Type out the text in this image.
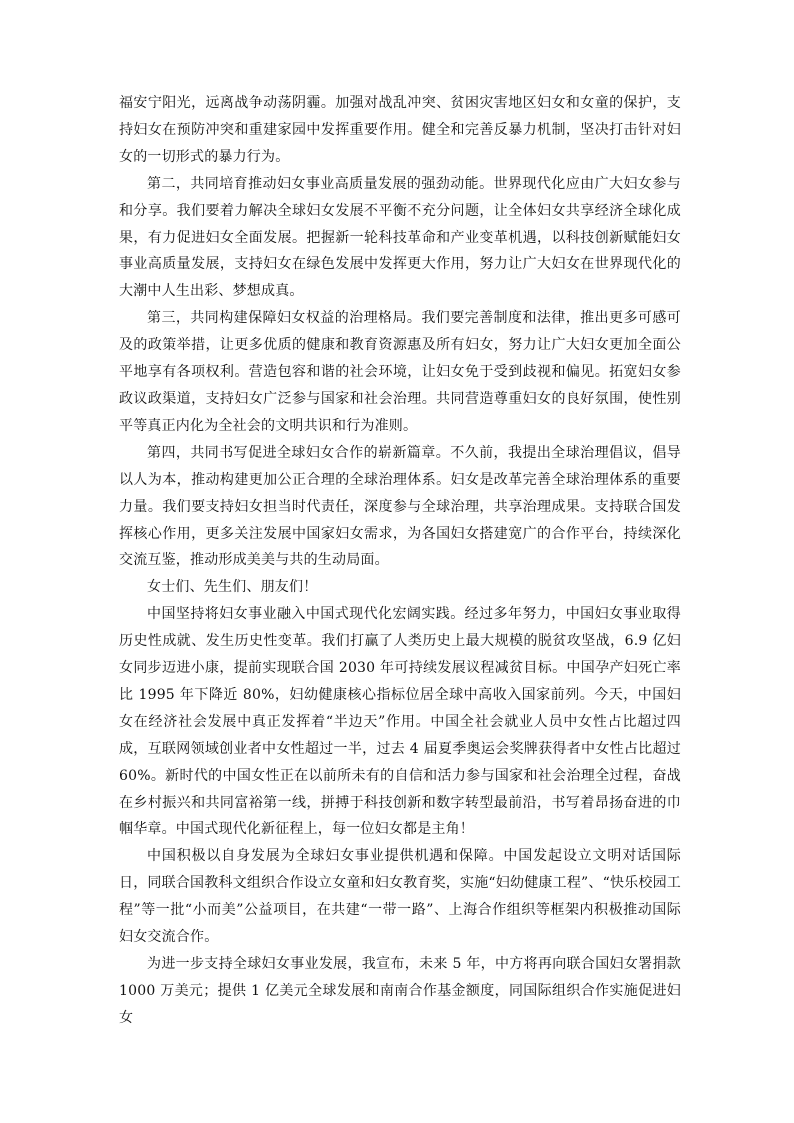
福安宁阳光，远离战争动荡阴霾。加强对战乱冲突、贫困灾害地区妇女和女童的保护，支持妇女在预防冲突和重建家园中发挥重要作用。健全和完善反暴力机制，坚决打击针对妇女的一切形式的暴力行为。

第二，共同培育推动妇女事业高质量发展的强劲动能。世界现代化应由广大妇女参与和分享。我们要着力解决全球妇女发展不平衡不充分问题，让全体妇女共享经济全球化成果，有力促进妇女全面发展。把握新一轮科技革命和产业变革机遇，以科技创新赋能妇女事业高质量发展，支持妇女在绿色发展中发挥更大作用，努力让广大妇女在世界现代化的大潮中人生出彩、梦想成真。

第三，共同构建保障妇女权益的治理格局。我们要完善制度和法律，推出更多可感可及的政策举措，让更多优质的健康和教育资源惠及所有妇女，努力让广大妇女更加全面公平地享有各项权利。营造包容和谐的社会环境，让妇女免于受到歧视和偏见。拓宽妇女参政议政渠道，支持妇女广泛参与国家和社会治理。共同营造尊重妇女的良好氛围，使性别平等真正内化为全社会的文明共识和行为准则。

第四，共同书写促进全球妇女合作的崭新篇章。不久前，我提出全球治理倡议，倡导以人为本，推动构建更加公正合理的全球治理体系。妇女是改革完善全球治理体系的重要力量。我们要支持妇女担当时代责任，深度参与全球治理，共享治理成果。支持联合国发挥核心作用，更多关注发展中国家妇女需求，为各国妇女搭建宽广的合作平台，持续深化交流互鉴，推动形成美美与共的生动局面。

女士们、先生们、朋友们！

中国坚持将妇女事业融入中国式现代化宏阔实践。经过多年努力，中国妇女事业取得历史性成就、发生历史性变革。我们打赢了人类历史上最大规模的脱贫攻坚战，6.9 亿妇女同步迈进小康，提前实现联合国 2030 年可持续发展议程减贫目标。中国孕产妇死亡率比 1995 年下降近 80%，妇幼健康核心指标位居全球中高收入国家前列。今天，中国妇女在经济社会发展中真正发挥着“半边天”作用。中国全社会就业人员中女性占比超过四成，互联网领域创业者中女性超过一半，过去 4 届夏季奥运会奖牌获得者中女性占比超过 60%。新时代的中国女性正在以前所未有的自信和活力参与国家和社会治理全过程，奋战在乡村振兴和共同富裕第一线，拼搏于科技创新和数字转型最前沿，书写着昂扬奋进的巾帼华章。中国式现代化新征程上，每一位妇女都是主角！

中国积极以自身发展为全球妇女事业提供机遇和保障。中国发起设立文明对话国际日，同联合国教科文组织合作设立女童和妇女教育奖，实施“妇幼健康工程”、“快乐校园工程”等一批“小而美”公益项目，在共建“一带一路”、上海合作组织等框架内积极推动国际妇女交流合作。

为进一步支持全球妇女事业发展，我宣布，未来 5 年，中方将再向联合国妇女署捐款 1000 万美元；提供 1 亿美元全球发展和南南合作基金额度，同国际组织合作实施促进妇女
